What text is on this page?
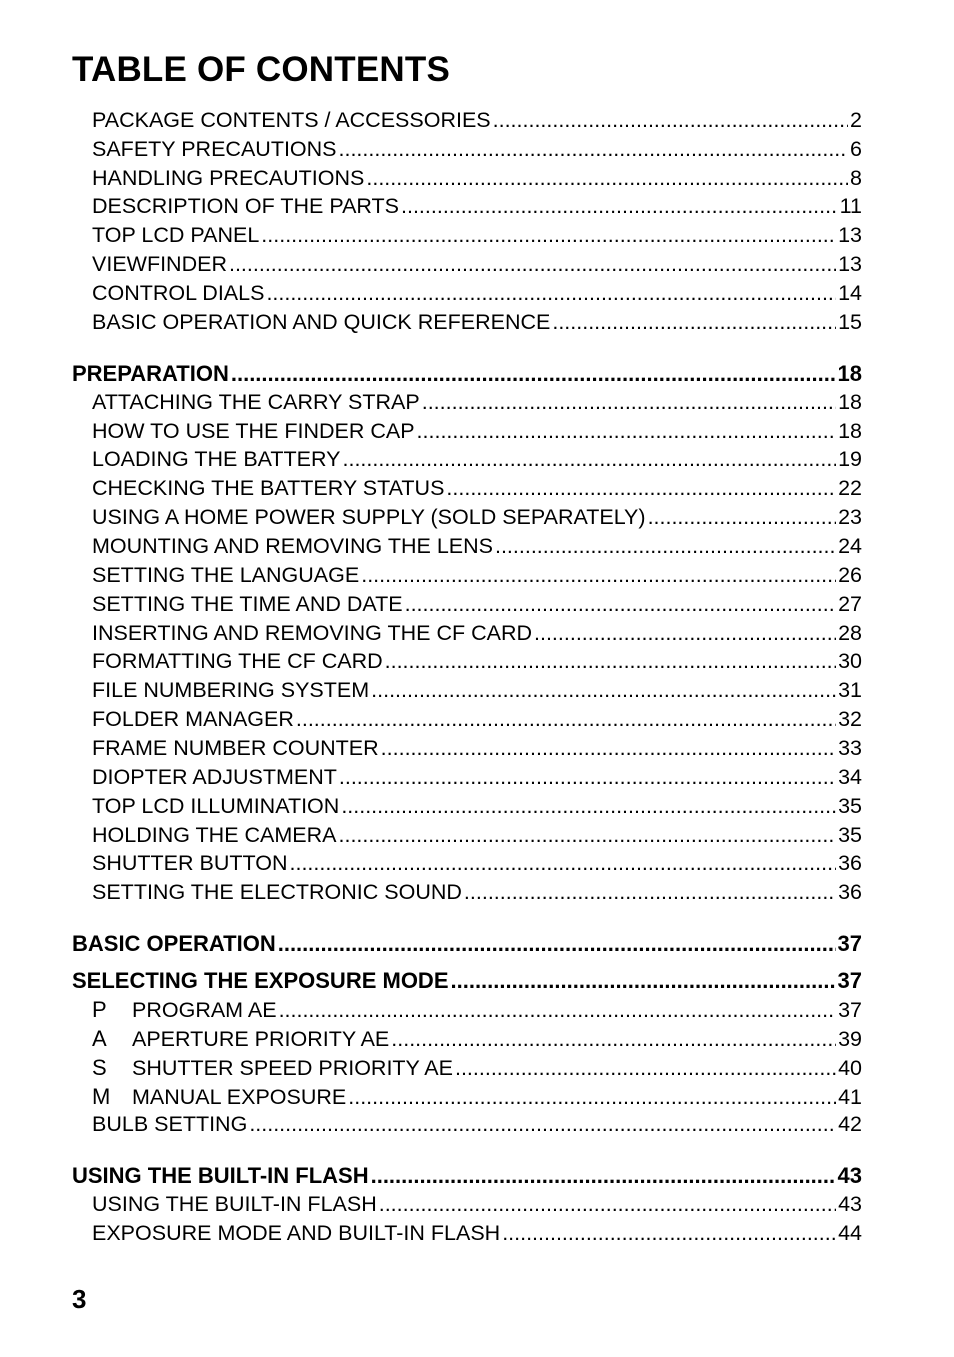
TABLE OF CONTENTS
PACKAGE CONTENTS / ACCESSORIES .....	2
SAFETY PRECAUTIONS .....	6
HANDLING PRECAUTIONS .....	8
DESCRIPTION OF THE PARTS .....	11
TOP LCD PANEL .....	13
VIEWFINDER .....	13
CONTROL DIALS .....	14
BASIC OPERATION AND QUICK REFERENCE .....	15
PREPARATION .....	18
ATTACHING THE CARRY STRAP .....	18
HOW TO USE THE FINDER CAP .....	18
LOADING THE BATTERY .....	19
CHECKING THE BATTERY STATUS .....	22
USING A HOME POWER SUPPLY (SOLD SEPARATELY) .....	23
MOUNTING AND REMOVING THE LENS .....	24
SETTING THE LANGUAGE .....	26
SETTING THE TIME AND DATE .....	27
INSERTING AND REMOVING THE CF CARD .....	28
FORMATTING THE CF CARD .....	30
FILE NUMBERING SYSTEM .....	31
FOLDER MANAGER .....	32
FRAME NUMBER COUNTER .....	33
DIOPTER ADJUSTMENT .....	34
TOP LCD ILLUMINATION .....	35
HOLDING THE CAMERA .....	35
SHUTTER BUTTON .....	36
SETTING THE ELECTRONIC SOUND .....	36
BASIC OPERATION .....	37
SELECTING THE EXPOSURE MODE .....	37
P	PROGRAM AE .....	37
A	APERTURE PRIORITY AE .....	39
S	SHUTTER SPEED PRIORITY AE .....	40
M	MANUAL EXPOSURE .....	41
BULB SETTING .....	42
USING THE BUILT-IN FLASH .....	43
USING THE BUILT-IN FLASH .....	43
EXPOSURE MODE AND BUILT-IN FLASH .....	44
3
